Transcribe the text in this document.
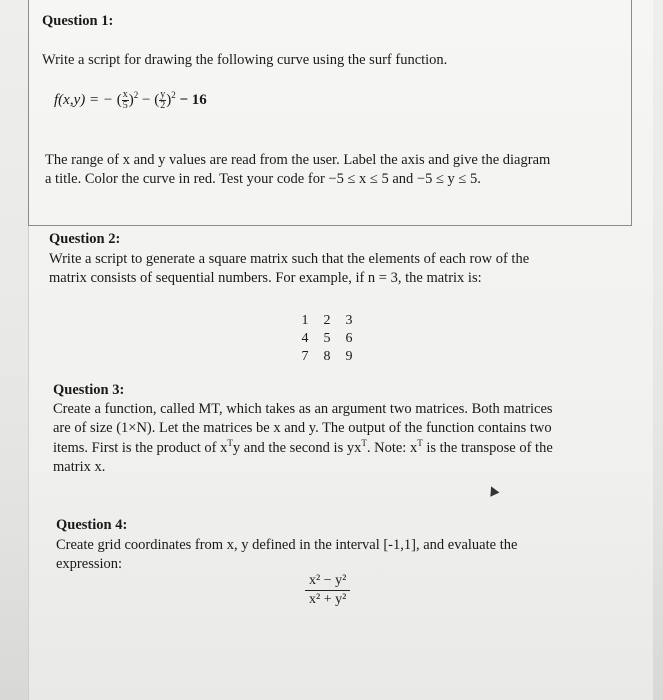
Question 1:
Write a script for drawing the following curve using the surf function.
f(x,y) = − ( $\frac{x}{5} )^2$ − ( $\frac{y}{2} )^2 - 16$
The range of x and y values are read from the user. Label the axis and give the diagram
a title. Color the curve in red. Test your code for −5 ≤ x ≤ 5 and −5 ≤ y ≤ 5.
Question 2:
Write a script to generate a square matrix such that the elements of each row of the
matrix consists of sequential numbers. For example, if n = 3, the matrix is:
1 2 3
4 5 6
7 8 9
Question 3:
Create a function, called MT, which takes as an argument two matrices. Both matrices
are of size (1×N). Let the matrices be x and y. The output of the function contains two
items. First is the product of $x^Ty$ and the second is $yx^T$. Note: $x^T$ is the transpose of the
matrix x.
Question 4:
Create grid coordinates from x, y defined in the interval [-1,1], and evaluate the
expression:
$\frac{\text{x² − y²}}{\text{x² + y²}}$
